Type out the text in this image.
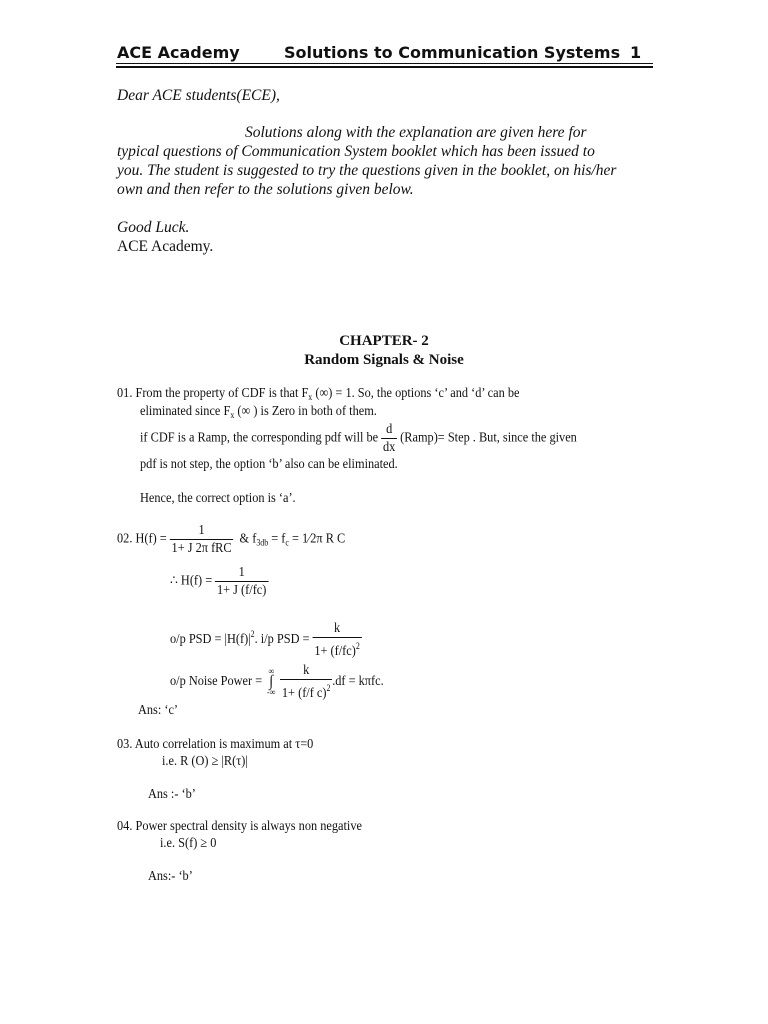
ACE Academy	Solutions to Communication Systems 1
Dear ACE students(ECE),
Solutions along with the explanation are given here for
typical questions of Communication System booklet which has been issued to
you. The student is suggested to try the questions given in the booklet, on his/her
own and then refer to the solutions given below.
Good Luck.
ACE Academy.
CHAPTER- 2
Random Signals & Noise
01. From the property of CDF is that $F_x$ (∞) = 1. So, the options ‘c’ and ‘d’ can be
eliminated since $F_x$ (∞ ) is Zero in both of them.
if CDF is a Ramp, the corresponding pdf will be $\frac{d}{dx}$ (Ramp)= Step . But, since the given
pdf is not step, the option ‘b’ also can be eliminated.
Hence, the correct option is ‘a’.
02. $H(f) = \frac{1}{\text{1+ J 2π fRC}}$ & $f_{3db} = f_c$ = 1⁄2π R C
∴ $H(f) = \frac{1}{1+ J (f/fc)}$
o/p PSD = $|H(f)|^2$. i/p PSD = $\frac{k}{1+ (f/fc)^2}$
o/p Noise Power =
∞
∫
-∞
$\frac{k}{1+ (f/f c)^2} .df = k\pi fc$.
Ans: ‘c’
03. Auto correlation is maximum at τ=0
i.e. R (O) ≥ |R(τ)|
Ans :- ‘b’
04. Power spectral density is always non negative
i.e. S(f) ≥ 0
Ans:- ‘b’
